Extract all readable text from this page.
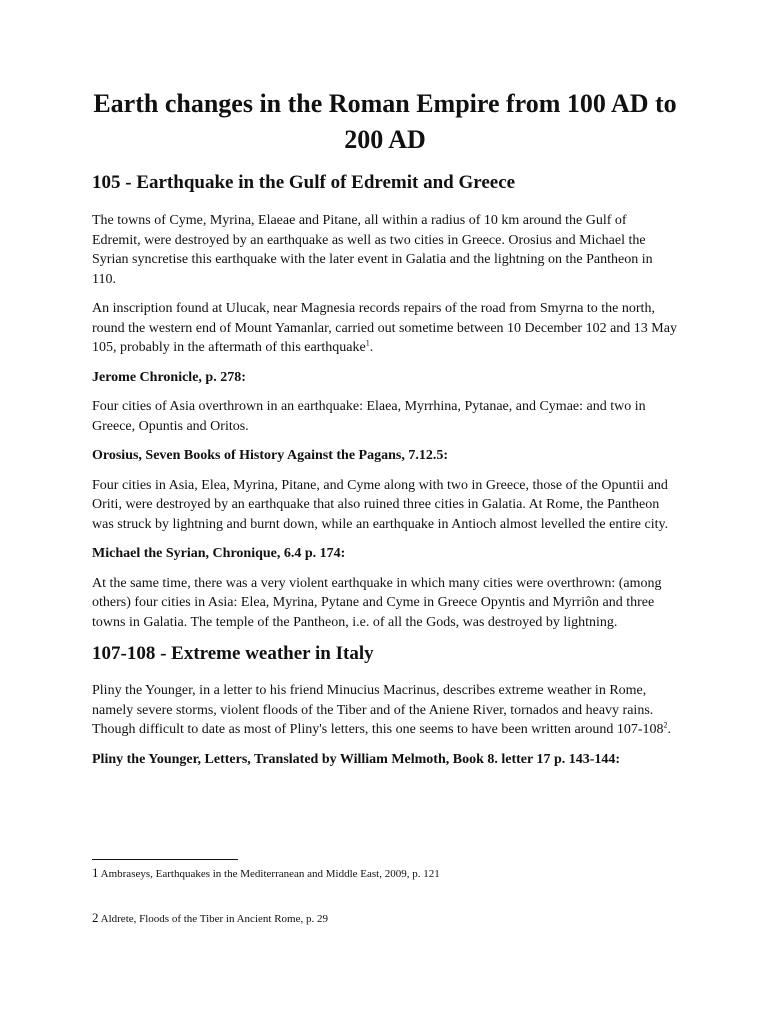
Earth changes in the Roman Empire from 100 AD to 200 AD
105 - Earthquake in the Gulf of Edremit and Greece

The towns of Cyme, Myrina, Elaeae and Pitane, all within a radius of 10 km around the Gulf of Edremit, were destroyed by an earthquake as well as two cities in Greece. Orosius and Michael the Syrian syncretise this earthquake with the later event in Galatia and the lightning on the Pantheon in 110.

An inscription found at Ulucak, near Magnesia records repairs of the road from Smyrna to the north, round the western end of Mount Yamanlar, carried out sometime between 10 December 102 and 13 May 105, probably in the aftermath of this earthquake$^1$.

Jerome Chronicle, p. 278:

Four cities of Asia overthrown in an earthquake: Elaea, Myrrhina, Pytanae, and Cymae: and two in Greece, Opuntis and Oritos.

Orosius, Seven Books of History Against the Pagans, 7.12.5:

Four cities in Asia, Elea, Myrina, Pitane, and Cyme along with two in Greece, those of the Opuntii and Oriti, were destroyed by an earthquake that also ruined three cities in Galatia. At Rome, the Pantheon was struck by lightning and burnt down, while an earthquake in Antioch almost levelled the entire city.

Michael the Syrian, Chronique, 6.4 p. 174:

At the same time, there was a very violent earthquake in which many cities were overthrown: (among others) four cities in Asia: Elea, Myrina, Pytane and Cyme in Greece Opyntis and Myrriôn and three towns in Galatia. The temple of the Pantheon, i.e. of all the Gods, was destroyed by lightning.

107-108 - Extreme weather in Italy

Pliny the Younger, in a letter to his friend Minucius Macrinus, describes extreme weather in Rome, namely severe storms, violent floods of the Tiber and of the Aniene River, tornados and heavy rains. Though difficult to date as most of Pliny's letters, this one seems to have been written around $107-108^2$.

Pliny the Younger, Letters, Translated by William Melmoth, Book 8. letter 17 p. 143-144:

1 Ambraseys, Earthquakes in the Mediterranean and Middle East, 2009, p. 121

2 Aldrete, Floods of the Tiber in Ancient Rome, p. 29
